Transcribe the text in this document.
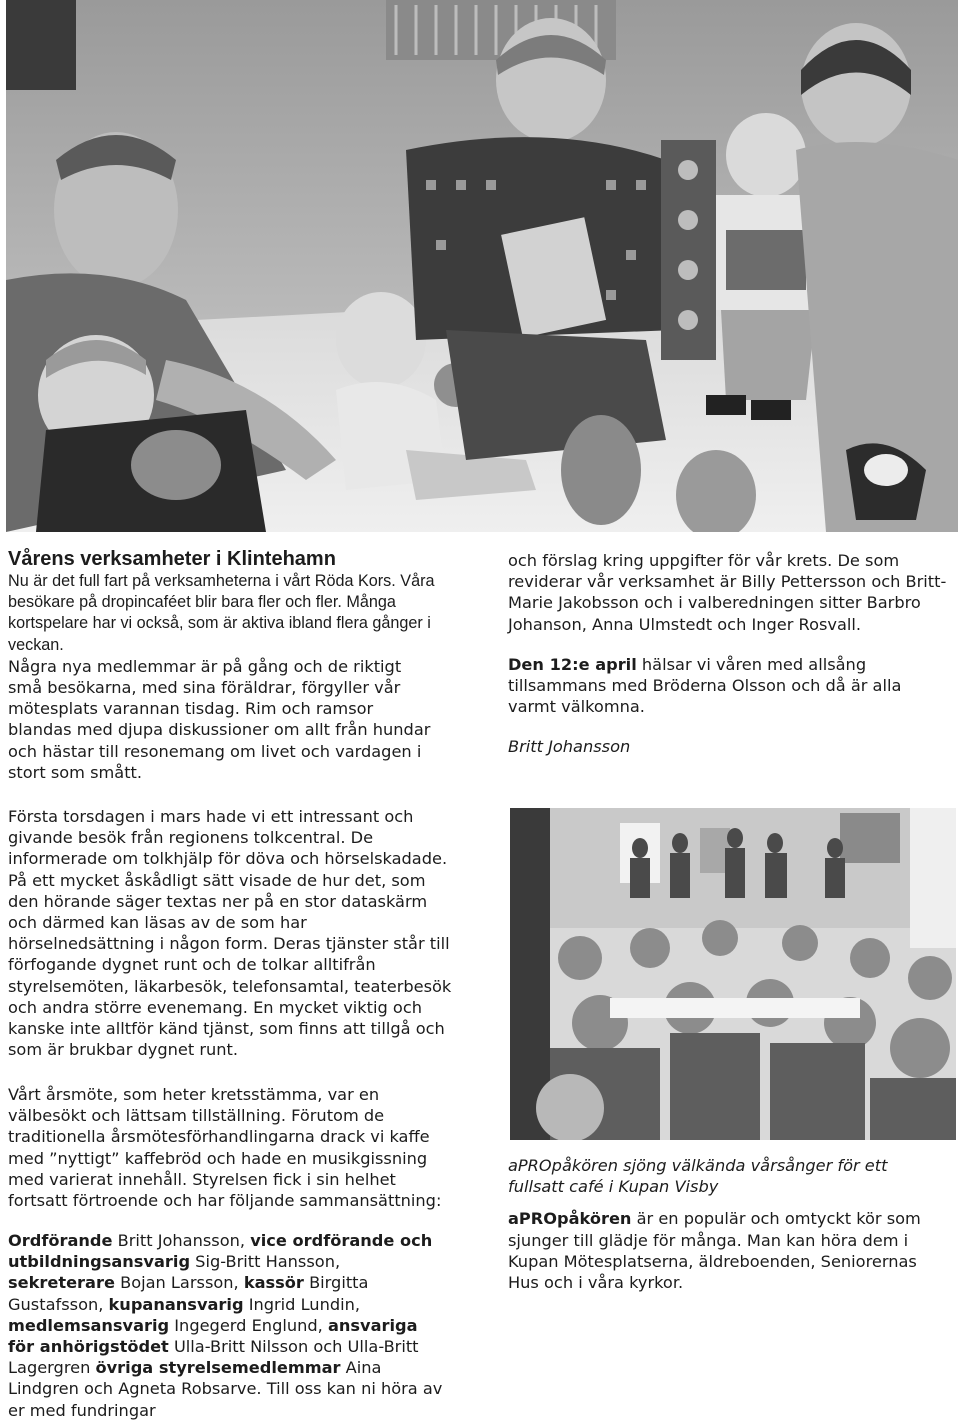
Vårens verksamheter i Klintehamn

Nu är det full fart på verksamheterna i vårt Röda Kors. Våra besökare på dropincaféet blir bara fler och fler. Många kortspelare har vi också, som är aktiva ibland flera gånger i veckan.

Några nya medlemmar är på gång och de riktigt små besökarna, med sina föräldrar, förgyller vår mötesplats varannan tisdag. Rim och ramsor blandas med djupa diskussioner om allt från hundar och hästar till resonemang om livet och vardagen i stort som smått.

Första torsdagen i mars hade vi ett intressant och givande besök från regionens tolkcentral. De informerade om tolkhjälp för döva och hörselskadade. På ett mycket åskådligt sätt visade de hur det, som den hörande säger textas ner på en stor dataskärm och därmed kan läsas av de som har hörselnedsättning i någon form. Deras tjänster står till förfogande dygnet runt och de tolkar alltifrån styrelsemöten, läkarbesök, telefonsamtal, teaterbesök och andra större evenemang. En mycket viktig och kanske inte alltför känd tjänst, som finns att tillgå och som är brukbar dygnet runt.

Vårt årsmöte, som heter kretsstämma, var en välbesökt och lättsam tillställning. Förutom de traditionella årsmötesförhandlingarna drack vi kaffe med ”nyttigt” kaffebröd och hade en musikgissning med varierat innehåll. Styrelsen fick i sin helhet fortsatt förtroende och har följande sammansättning:

Ordförande Britt Johansson, vice ordförande och utbildningsansvarig Sig-Britt Hansson, sekreterare Bojan Larsson, kassör Birgitta Gustafsson, kupanansvarig Ingrid Lundin, medlemsansvarig Ingegerd Englund, ansvariga för anhörigstödet Ulla-Britt Nilsson och Ulla-Britt Lagergren övriga styrelsemedlemmar Aina Lindgren och Agneta Robsarve. Till oss kan ni höra av er med fundringar

och förslag kring uppgifter för vår krets. De som reviderar vår verksamhet är Billy Pettersson och Britt-Marie Jakobsson och i valberedningen sitter Barbro Johanson, Anna Ulmstedt och Inger Rosvall.

Den 12:e april hälsar vi våren med allsång tillsammans med Bröderna Olsson och då är alla varmt välkomna.

Britt Johansson

aPROpåkören sjöng välkända vårsånger för ett fullsatt café i Kupan Visby

aPROpåkören är en populär och omtyckt kör som sjunger till glädje för många. Man kan höra dem i Kupan Mötesplatserna, äldreboenden, Seniorernas Hus och i våra kyrkor.
